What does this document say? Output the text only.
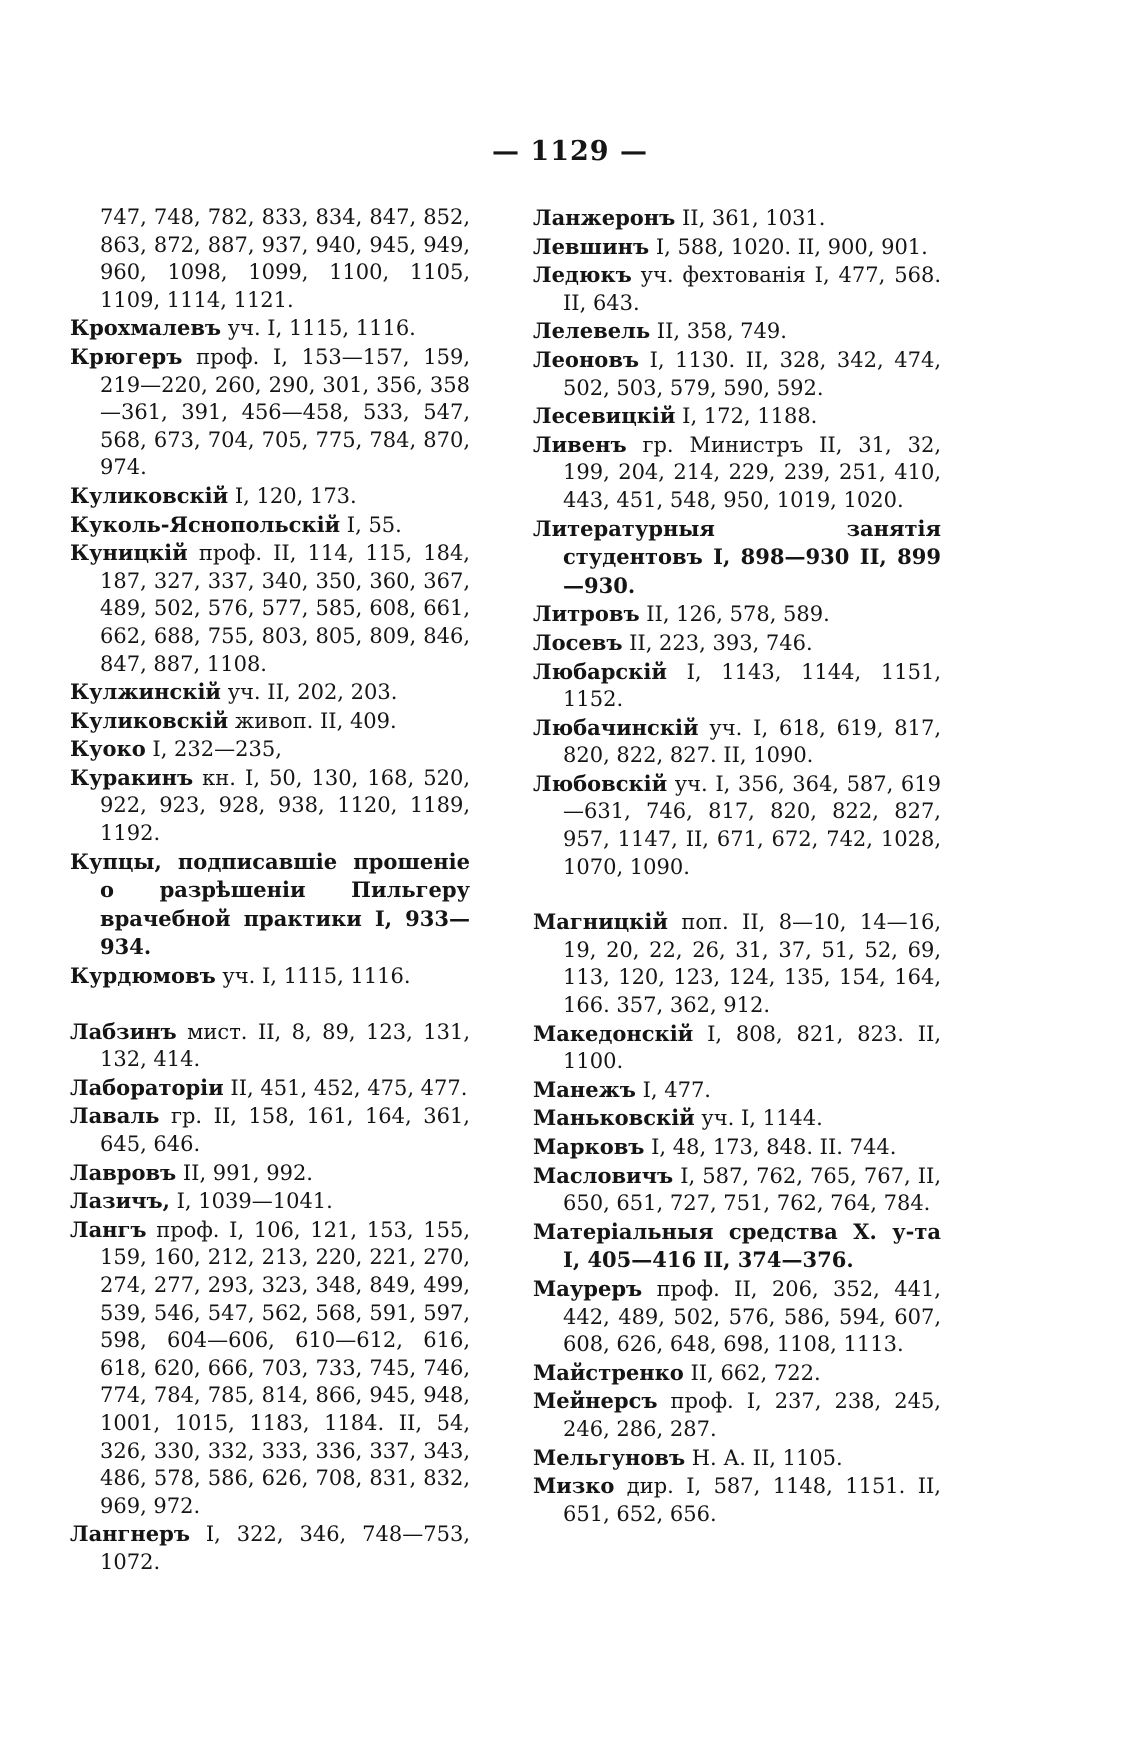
— 1129 —
747, 748, 782, 833, 834, 847, 852, 863, 872, 887, 937, 940, 945, 949, 960, 1098, 1099, 1100, 1105, 1109, 1114, 1121.
Крохмалевъ уч. I, 1115, 1116.
Крюгеръ проф. I, 153—157, 159, 219—220, 260, 290, 301, 356, 358—361, 391, 456—458, 533, 547, 568, 673, 704, 705, 775, 784, 870, 974.
Куликовскій I, 120, 173.
Куколь-Яснопольскій I, 55.
Куницкій проф. II, 114, 115, 184, 187, 327, 337, 340, 350, 360, 367, 489, 502, 576, 577, 585, 608, 661, 662, 688, 755, 803, 805, 809, 846, 847, 887, 1108.
Кулжинскій уч. II, 202, 203.
Куликовскій живоп. II, 409.
Куоко I, 232—235,
Куракинъ кн. I, 50, 130, 168, 520, 922, 923, 928, 938, 1120, 1189, 1192.
Купцы, подписавшіе прошеніе о разрѣшеніи Пильгеру врачебной практики I, 933—934.
Курдюмовъ уч. I, 1115, 1116.
Лабзинъ мист. II, 8, 89, 123, 131, 132, 414.
Лабораторіи II, 451, 452, 475, 477.
Лаваль гр. II, 158, 161, 164, 361, 645, 646.
Лавровъ II, 991, 992.
Лазичъ, I, 1039—1041.
Лангъ проф. I, 106, 121, 153, 155, 159, 160, 212, 213, 220, 221, 270, 274, 277, 293, 323, 348, 849, 499, 539, 546, 547, 562, 568, 591, 597, 598, 604—606, 610—612, 616, 618, 620, 666, 703, 733, 745, 746, 774, 784, 785, 814, 866, 945, 948, 1001, 1015, 1183, 1184. II, 54, 326, 330, 332, 333, 336, 337, 343, 486, 578, 586, 626, 708, 831, 832, 969, 972.
Лангнеръ I, 322, 346, 748—753, 1072.
Ланжеронъ II, 361, 1031.
Левшинъ I, 588, 1020. II, 900, 901.
Ледюкъ уч. фехтованія I, 477, 568. II, 643.
Лелевель II, 358, 749.
Леоновъ I, 1130. II, 328, 342, 474, 502, 503, 579, 590, 592.
Лесевицкій I, 172, 1188.
Ливенъ гр. Министръ II, 31, 32, 199, 204, 214, 229, 239, 251, 410, 443, 451, 548, 950, 1019, 1020.
Литературныя занятія студентовъ I, 898—930 II, 899—930.
Литровъ II, 126, 578, 589.
Лосевъ II, 223, 393, 746.
Любарскій I, 1143, 1144, 1151, 1152.
Любачинскій уч. I, 618, 619, 817, 820, 822, 827. II, 1090.
Любовскій уч. I, 356, 364, 587, 619—631, 746, 817, 820, 822, 827, 957, 1147, II, 671, 672, 742, 1028, 1070, 1090.
Магницкій поп. II, 8—10, 14—16, 19, 20, 22, 26, 31, 37, 51, 52, 69, 113, 120, 123, 124, 135, 154, 164, 166. 357, 362, 912.
Македонскій I, 808, 821, 823. II, 1100.
Манежъ I, 477.
Маньковскій уч. I, 1144.
Марковъ I, 48, 173, 848. II. 744.
Масловичъ I, 587, 762, 765, 767, II, 650, 651, 727, 751, 762, 764, 784.
Матеріальныя средства Х. у-та I, 405—416 II, 374—376.
Мауреръ проф. II, 206, 352, 441, 442, 489, 502, 576, 586, 594, 607, 608, 626, 648, 698, 1108, 1113.
Майстренко II, 662, 722.
Мейнерсъ проф. I, 237, 238, 245, 246, 286, 287.
Мельгуновъ Н. А. II, 1105.
Мизко дир. I, 587, 1148, 1151. II, 651, 652, 656.
